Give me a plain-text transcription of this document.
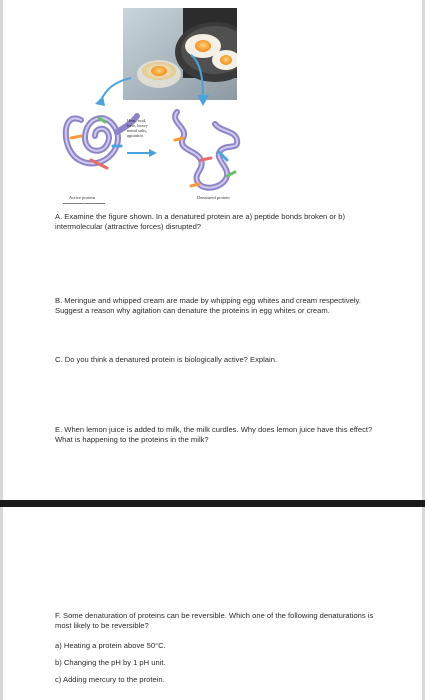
Heat, acid,
base, heavy
metal salts,
agitation
Active protein
▬▬▬▬▬▬▬▬ ▬▬▬▬▬▬▬▬
Denatured protein

A. Examine the figure shown. In a denatured protein are a) peptide bonds broken or b) intermolecular (attractive forces) disrupted?

B. Meringue and whipped cream are made by whipping egg whites and cream respectively. Suggest a reason why agitation can denature the proteins in egg whites or cream.

C. Do you think a denatured protein is biologically active? Explain.

E. When lemon juice is added to milk, the milk curdles. Why does lemon juice have this effect? What is happening to the proteins in the milk?

F. Some denaturation of proteins can be reversible. Which one of the following denaturations is most likely to be reversible?

a) Heating a protein above 50°C.

b) Changing the pH by 1 pH unit.

c) Adding mercury to the protein.
